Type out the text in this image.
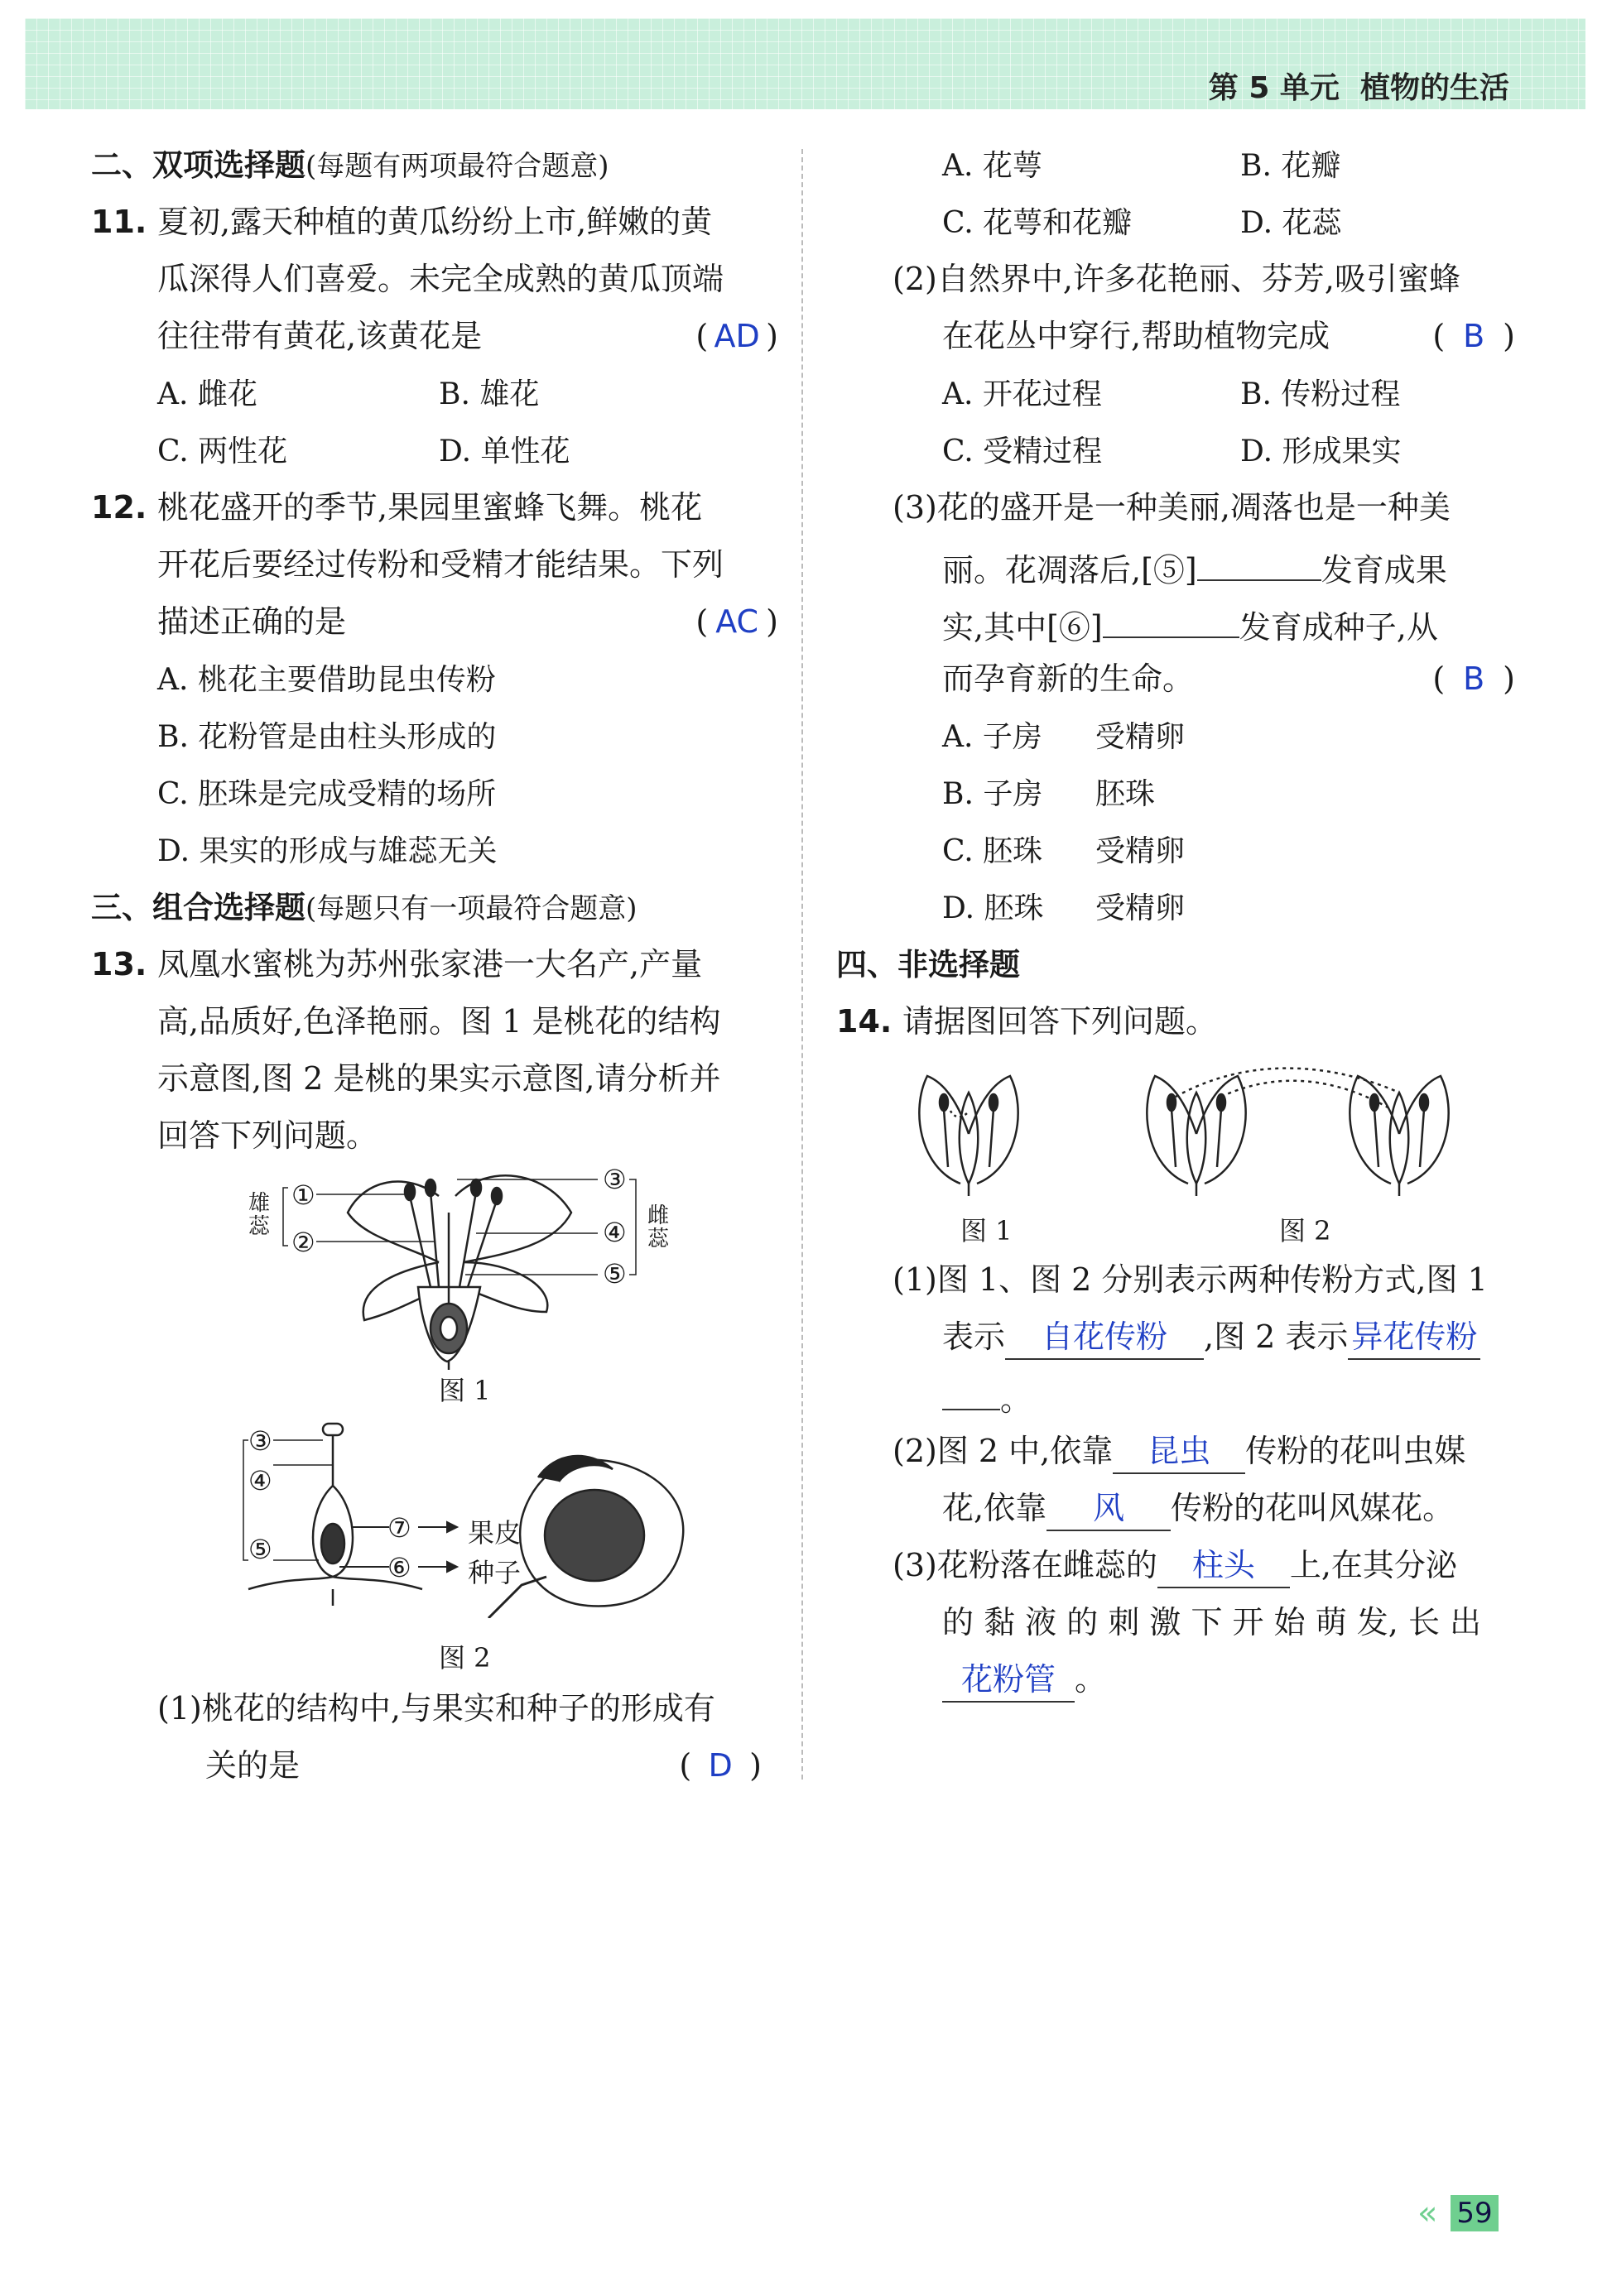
第 5 单元 植物的生活
二、双项选择题(每题有两项最符合题意)
11. 夏初,露天种植的黄瓜纷纷上市,鲜嫩的黄
瓜深得人们喜爱。未完全成熟的黄瓜顶端
往往带有黄花,该黄花是	( AD )
A. 雌花	B. 雄花
C. 两性花	D. 单性花
12. 桃花盛开的季节,果园里蜜蜂飞舞。桃花
开花后要经过传粉和受精才能结果。下列
描述正确的是	( AC )
A. 桃花主要借助昆虫传粉
B. 花粉管是由柱头形成的
C. 胚珠是完成受精的场所
D. 果实的形成与雄蕊无关
三、组合选择题(每题只有一项最符合题意)
13. 凤凰水蜜桃为苏州张家港一大名产,产量
高,品质好,色泽艳丽。图 1 是桃花的结构
示意图,图 2 是桃的果实示意图,请分析并
回答下列问题。
雄蕊	雌蕊
①
②
③
④
⑤
图 1
③
④
⑤
⑦
⑥
果皮
种子
图 2
(1)桃花的结构中,与果实和种子的形成有
关的是	( D )
A. 花萼	B. 花瓣
C. 花萼和花瓣	D. 花蕊
(2)自然界中,许多花艳丽、芬芳,吸引蜜蜂
在花丛中穿行,帮助植物完成	( B )
A. 开花过程	B. 传粉过程
C. 受精过程	D. 形成果实
(3)花的盛开是一种美丽,凋落也是一种美
丽。花凋落后,[⑤]	发育成果
实,其中[⑥]	发育成种子,从
而孕育新的生命。	( B )
A. 子房 受精卵
B. 子房 胚珠
C. 胚珠 受精卵
D. 胚珠 受精卵
四、非选择题
14. 请据图回答下列问题。
图 1	图 2
(1)图 1、图 2 分别表示两种传粉方式,图 1
表示 自花传粉 ,图 2 表示 异花传粉
。
(2)图 2 中,依靠 昆虫 传粉的花叫虫媒
花,依靠 风 传粉的花叫风媒花。
(3)花粉落在雌蕊的 柱头 上,在其分泌
的 黏 液 的 刺 激 下 开 始 萌 发, 长 出
花粉管 。
« 59
